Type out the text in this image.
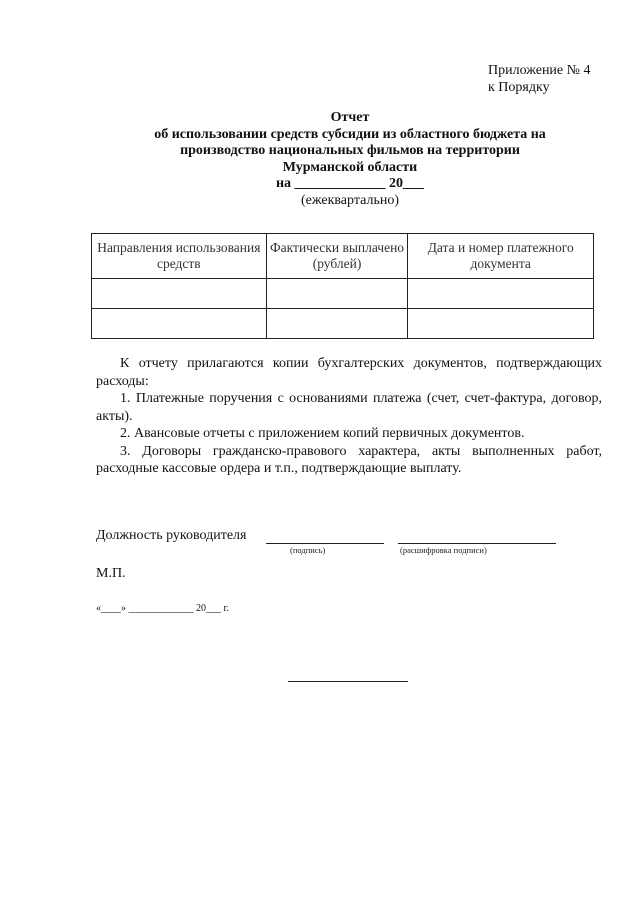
Приложение № 4
к Порядку
Отчет
об использовании средств субсидии из областного бюджета на
производство национальных фильмов на территории
Мурманской области
на _____________ 20___
(ежеквартально)
Направления использования средств	Фактически выплачено (рублей)	Дата и номер платежного документа

К отчету прилагаются копии бухгалтерских документов, подтверждающих расходы:

1. Платежные поручения с основаниями платежа (счет, счет-фактура, договор, акты).

2. Авансовые отчеты с приложением копий первичных документов.

3. Договоры гражданско-правового характера, акты выполненных работ, расходные кассовые ордера и т.п., подтверждающие выплату.

Должность руководителя
(подпись)	(расшифровка подписи)
М.П.
«____» _____________ 20___ г.
